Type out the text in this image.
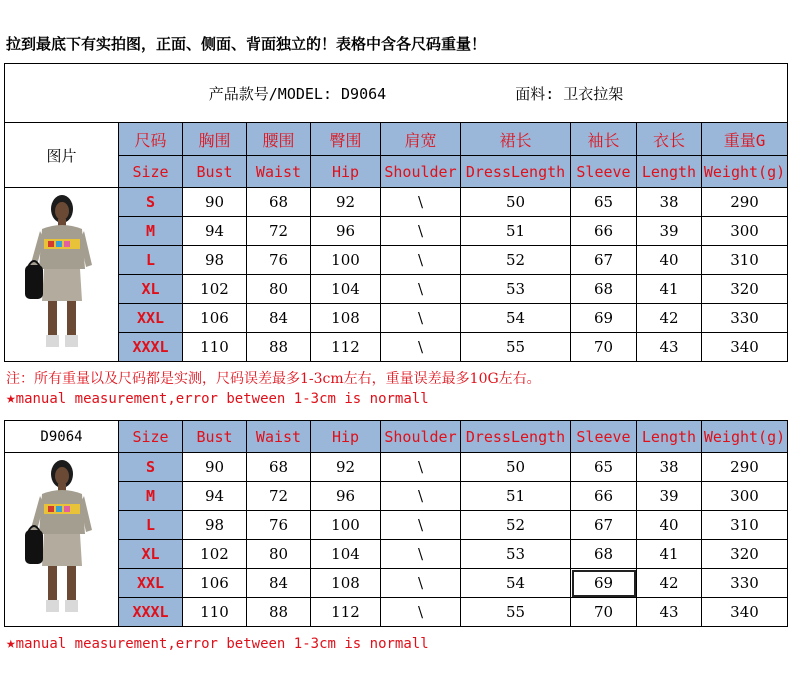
拉到最底下有实拍图，正面、侧面、背面独立的！表格中含各尺码重量！
产品款号/MODEL: D9064 面料: 卫衣拉架									
图片	尺码	胸围	腰围	臀围	肩宽	裙长	袖长	衣长	重量G
	Size	Bust	Waist	Hip	Shoulder	DressLength	Sleeve	Length	Weight(g)
	S	90	68	92	\	50	65	38	290
	M	94	72	96	\	51	66	39	300
	L	98	76	100	\	52	67	40	310
	XL	102	80	104	\	53	68	41	320
	XXL	106	84	108	\	54	69	42	330
	XXXL	110	88	112	\	55	70	43	340
注：所有重量以及尺码都是实测，尺码误差最多1-3cm左右，重量误差最多10G左右。
★manual measurement,error between 1-3cm is normall
D9064	Size	Bust	Waist	Hip	Shoulder	DressLength	Sleeve	Length	Weight(g)
	S	90	68	92	\	50	65	38	290
	M	94	72	96	\	51	66	39	300
	L	98	76	100	\	52	67	40	310
	XL	102	80	104	\	53	68	41	320
	XXL	106	84	108	\	54	69	42	330
	XXXL	110	88	112	\	55	70	43	340
★manual measurement,error between 1-3cm is normall
